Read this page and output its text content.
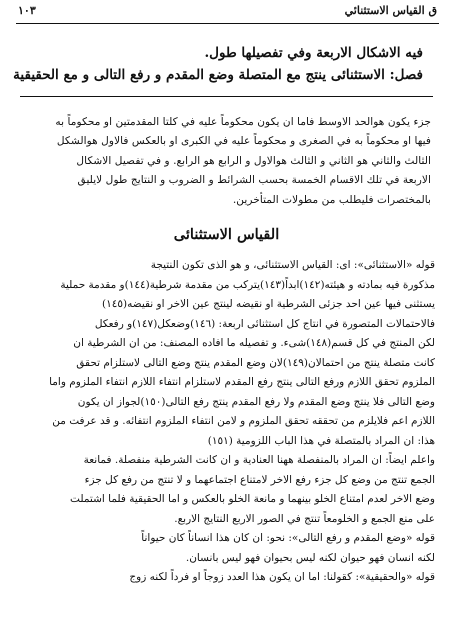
ق القياس الاستثنائي
١٠٣
فيه الاشكال الاربعة وفي تفصيلها طول.
فصل: الاستثنائى ينتج مع المتصلة وضع المقدم و رفع التالى و مع الحقيقية
جزء يكون هوالحد الاوسط فاما ان يكون محكوماً عليه في كلتا المقدمتين او محكوماً به
فيها او محكوماً به في الصغرى و محكوماً عليه في الكبرى او بالعكس فالاول هوالشكل
الثالث والثاني هو الثاني و الثالث هوالاول و الرابع هو الرابع. و في تفصيل الاشكال
الاربعة في تلك الاقسام الخمسة بحسب الشرائط و الضروب و النتايج طول لايليق
بالمختصرات فليطلب من مطولات المتأخرين.
القياس الاستثنائى
قوله «الاستثنائى»: اى: القياس الاستثنائى، و هو الذى تكون النتيجة
مذكورة فيه بمادته و هيئته(١٤٢)ابداً(١٤٣)يتركب من مقدمة شرطية(١٤٤)و مقدمة حملية
يستثنى فيها عين احد جزئى الشرطية او نقيضه لينتج عين الاخر او نقيضه(١٤٥)
فالاحتمالات المتصورة في انتاج كل استثنائى اربعة: (١٤٦)وضعكل(١٤٧)و رفعكل
لكن المنتج في كل قسم(١٤٨)شىء. و تفصيله ما افاده المصنف: من ان الشرطية ان
كانت متصلة ينتج من احتمالان(١٤٩)لان وضع المقدم ينتج وضع التالى لاستلزام تحقق
الملزوم تحقق اللازم ورفع التالى ينتج رفع المقدم لاستلزام انتفاء اللازم انتفاء الملزوم واما
وضع التالى فلا ينتج وضع المقدم ولا رفع المقدم ينتج رفع التالى(١٥٠)لجواز ان يكون
اللازم اعم فلايلزم من تحققه تحقق الملزوم و لامن انتفاء الملزوم انتفائه. و قد عرفت من
هذا: ان المراد بالمتصلة في هذا الباب اللزومية (١٥١)
واعلم ايضاً: ان المراد بالمنفصلة ههنا العنادية و ان كانت الشرطية منفصلة. فمانعة
الجمع تنتج من وضع كل جزء رفع الاخر لامتناع اجتماعهما و لا تنتج من رفع كل جزء
وضع الاخر لعدم امتناع الخلو بينهما و مانعة الخلو بالعكس و اما الحقيقية فلما اشتملت
على منع الجمع و الخلومعاً تنتج في الصور الاربع النتايج الاربع.
قوله «وضع المقدم و رفع التالى»: نحو: ان كان هذا انساناً كان حيواناً
لكنه انسان فهو حيوان لكنه ليس بحيوان فهو ليس بانسان.
قوله «والحقيقية»: كقولنا: اما ان يكون هذا العدد زوجاً او فرداً لكنه زوج
